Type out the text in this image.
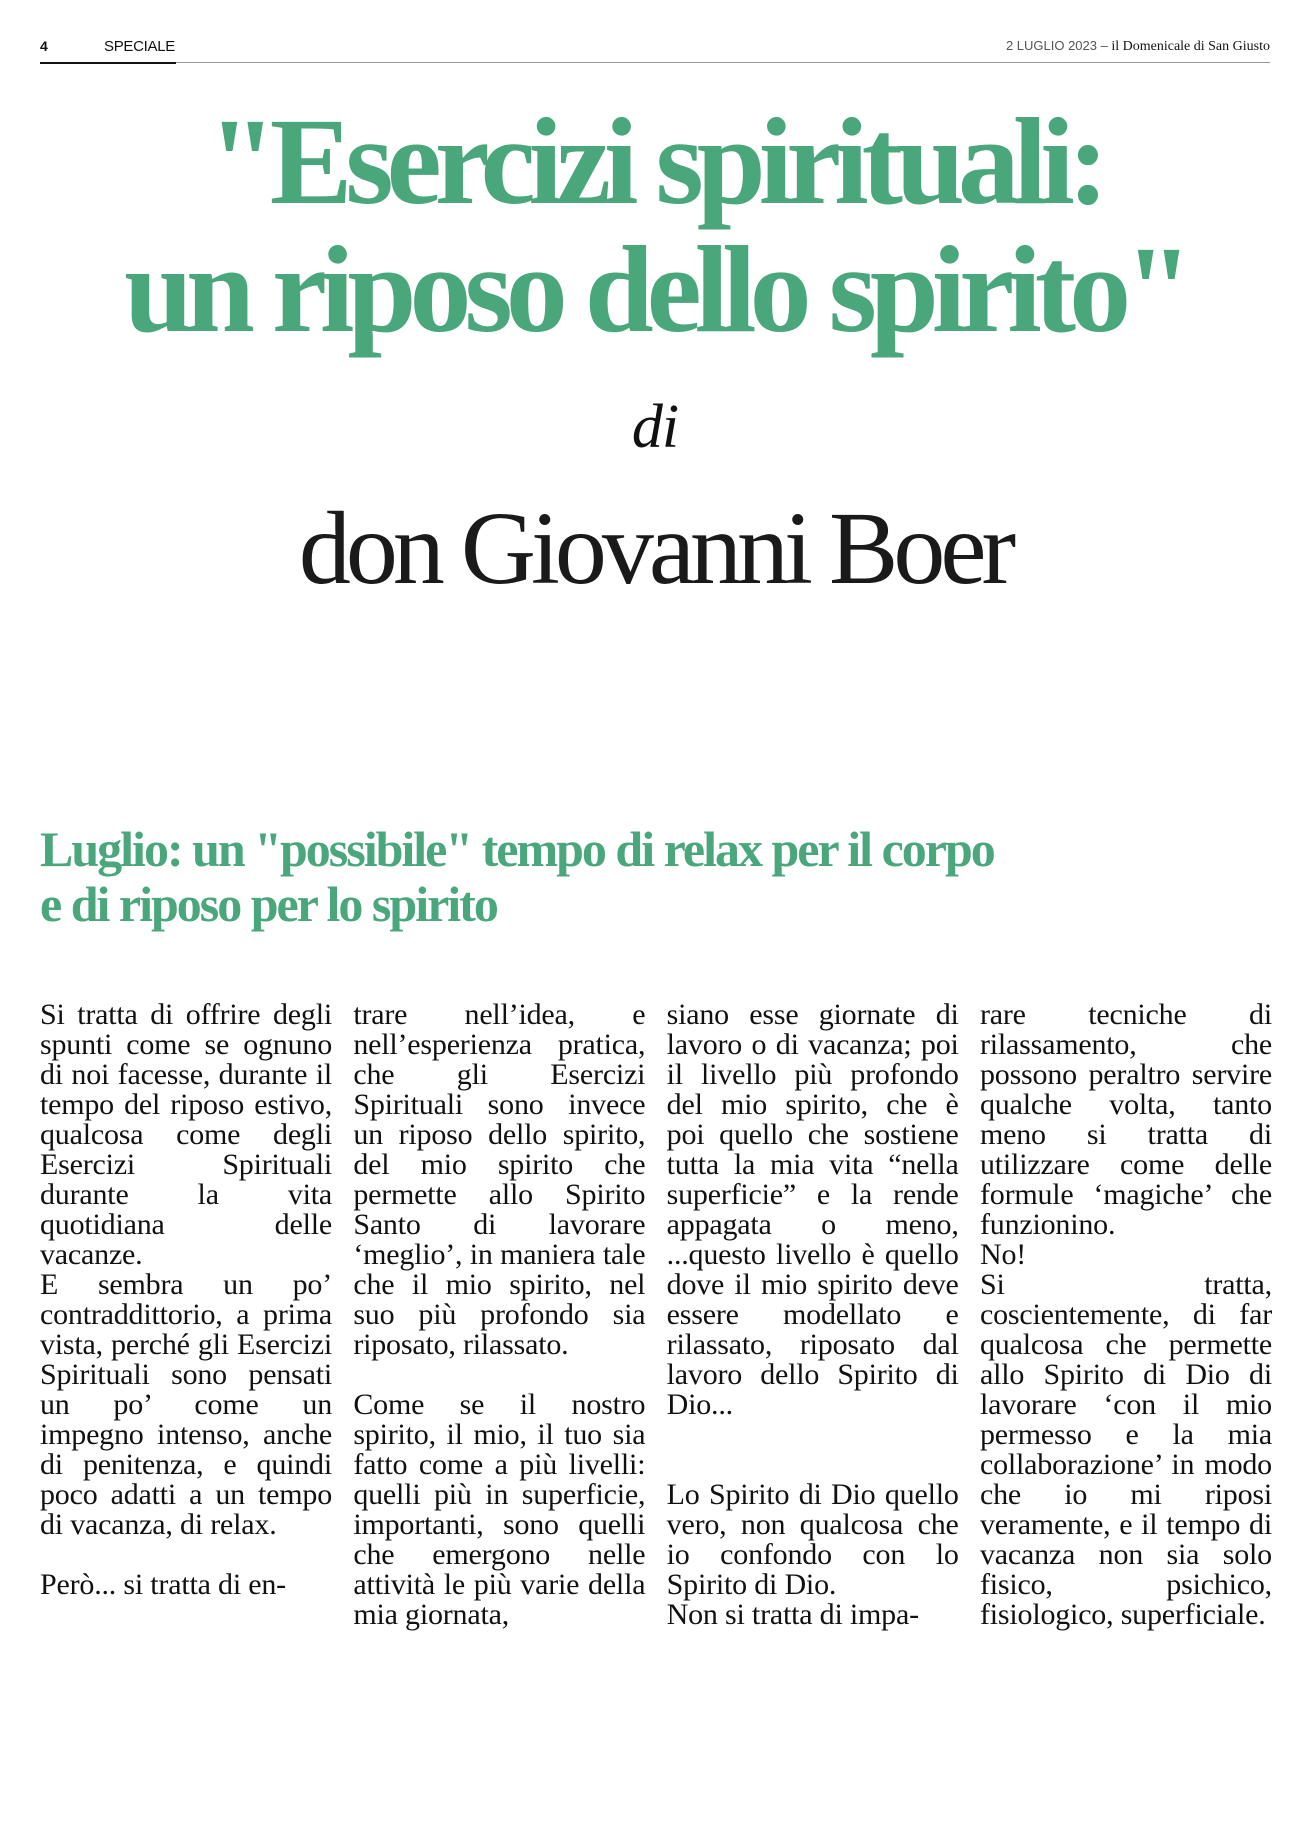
4	SPECIALE	2 LUGLIO 2023 – il Domenicale di San Giusto
"Esercizi spirituali:
un riposo dello spirito"
di
don Giovanni Boer
Luglio: un "possibile" tempo di relax per il corpo
e di riposo per lo spirito

Si tratta di offrire degli spunti come se ognuno di noi facesse, durante il tempo del riposo estivo, qualcosa come degli Esercizi Spirituali durante la vita quotidiana delle vacanze.

E sembra un po’ contraddittorio, a prima vista, perché gli Esercizi Spirituali sono pensati un po’ come un impegno intenso, anche di penitenza, e quindi poco adatti a un tempo di vacanza, di relax.

Però... si tratta di en-

trare nell’idea, e nell’esperienza pratica, che gli Esercizi Spirituali sono invece un riposo dello spirito, del mio spirito che permette allo Spirito Santo di lavorare ‘meglio’, in maniera tale che il mio spirito, nel suo più profondo sia riposato, rilassato.

Come se il nostro spirito, il mio, il tuo sia fatto come a più livelli: quelli più in superficie, importanti, sono quelli che emergono nelle attività le più varie della mia giornata,

siano esse giornate di lavoro o di vacanza; poi il livello più profondo del mio spirito, che è poi quello che sostiene tutta la mia vita “nella superficie” e la rende appagata o meno, ...questo livello è quello dove il mio spirito deve essere modellato e rilassato, riposato dal lavoro dello Spirito di Dio...

Lo Spirito di Dio quello vero, non qualcosa che io confondo con lo Spirito di Dio.

Non si tratta di impa-

rare tecniche di rilassamento, che possono peraltro servire qualche volta, tanto meno si tratta di utilizzare come delle formule ‘magiche’ che funzionino.

No!

Si tratta, coscientemente, di far qualcosa che permette allo Spirito di Dio di lavorare ‘con il mio permesso e la mia collaborazione’ in modo che io mi riposi veramente, e il tempo di vacanza non sia solo fisico, psichico, fisiologico, superficiale.
